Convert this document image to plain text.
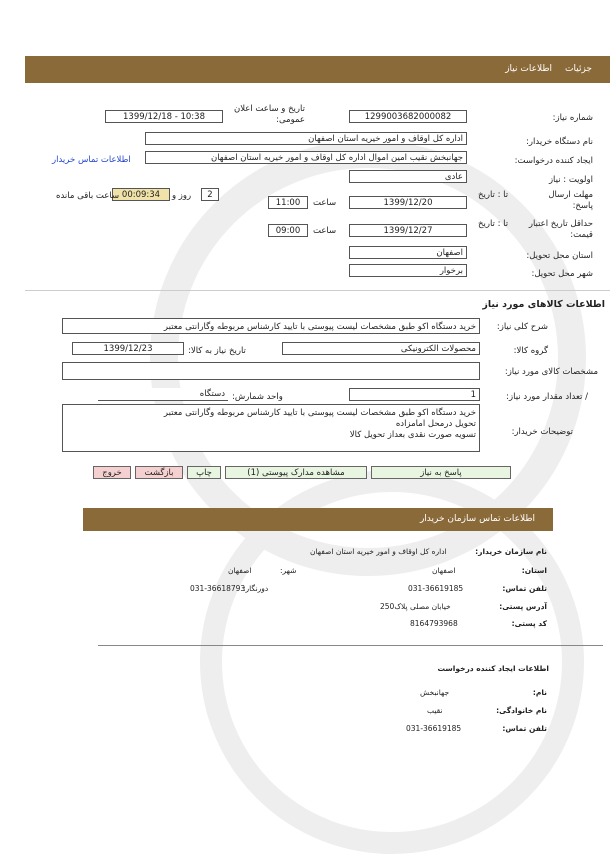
جزئیات
اطلاعات نیاز
شماره نیاز:
1299003682000082
تاریخ و ساعت اعلان عمومی:
1399/12/18 - 10:38
نام دستگاه خریدار:
اداره کل اوقاف و امور خیریه استان اصفهان
ایجاد کننده درخواست:
جهانبخش نقیب امین اموال اداره کل اوقاف و امور خیریه استان اصفهان
اطلاعات تماس خریدار
اولویت : نیاز
عادی
مهلت ارسال پاسخ:
تا : تاریخ
1399/12/20
ساعت
11:00
2
روز و
00:09:34
ساعت باقی مانده
حداقل تاریخ اعتبار قیمت:
تا : تاریخ
1399/12/27
ساعت
09:00
استان محل تحویل:
اصفهان
شهر محل تحویل:
برخوار
اطلاعات کالاهای مورد نیاز
شرح کلی نیاز:
خرید دستگاه اکو طبق مشخصات لیست پیوستی با تایید کارشناس مربوطه وگارانتی معتبر
گروه کالا:
محصولات الکترونیکی
تاریخ نیاز به کالا:
1399/12/23
مشخصات کالای مورد نیاز:
/ تعداد مقدار مورد نیاز:
1
واحد شمارش:
دستگاه
توضیحات خریدار:
خرید دستگاه اکو طبق مشخصات لیست پیوستی با تایید کارشناس مربوطه وگارانتی معتبر
تحویل درمحل امامزاده
تسویه صورت نقدی بعداز تحویل کالا
پاسخ به نیاز
مشاهده مدارک پیوستی (1)
چاپ
بازگشت
خروج
اطلاعات تماس سازمان خریدار
نام سازمان خریدار:
اداره کل اوقاف و امور خیریه استان اصفهان
استان:
اصفهان
شهر:
اصفهان
تلفن تماس:
031-36619185
دورنگار:
031-36618793
آدرس پستی:
خیابان مصلی پلاک250
کد پستی:
8164793968
اطلاعات ایجاد کننده درخواست
نام:
جهانبخش
نام خانوادگی:
نقیب
تلفن تماس:
031-36619185
